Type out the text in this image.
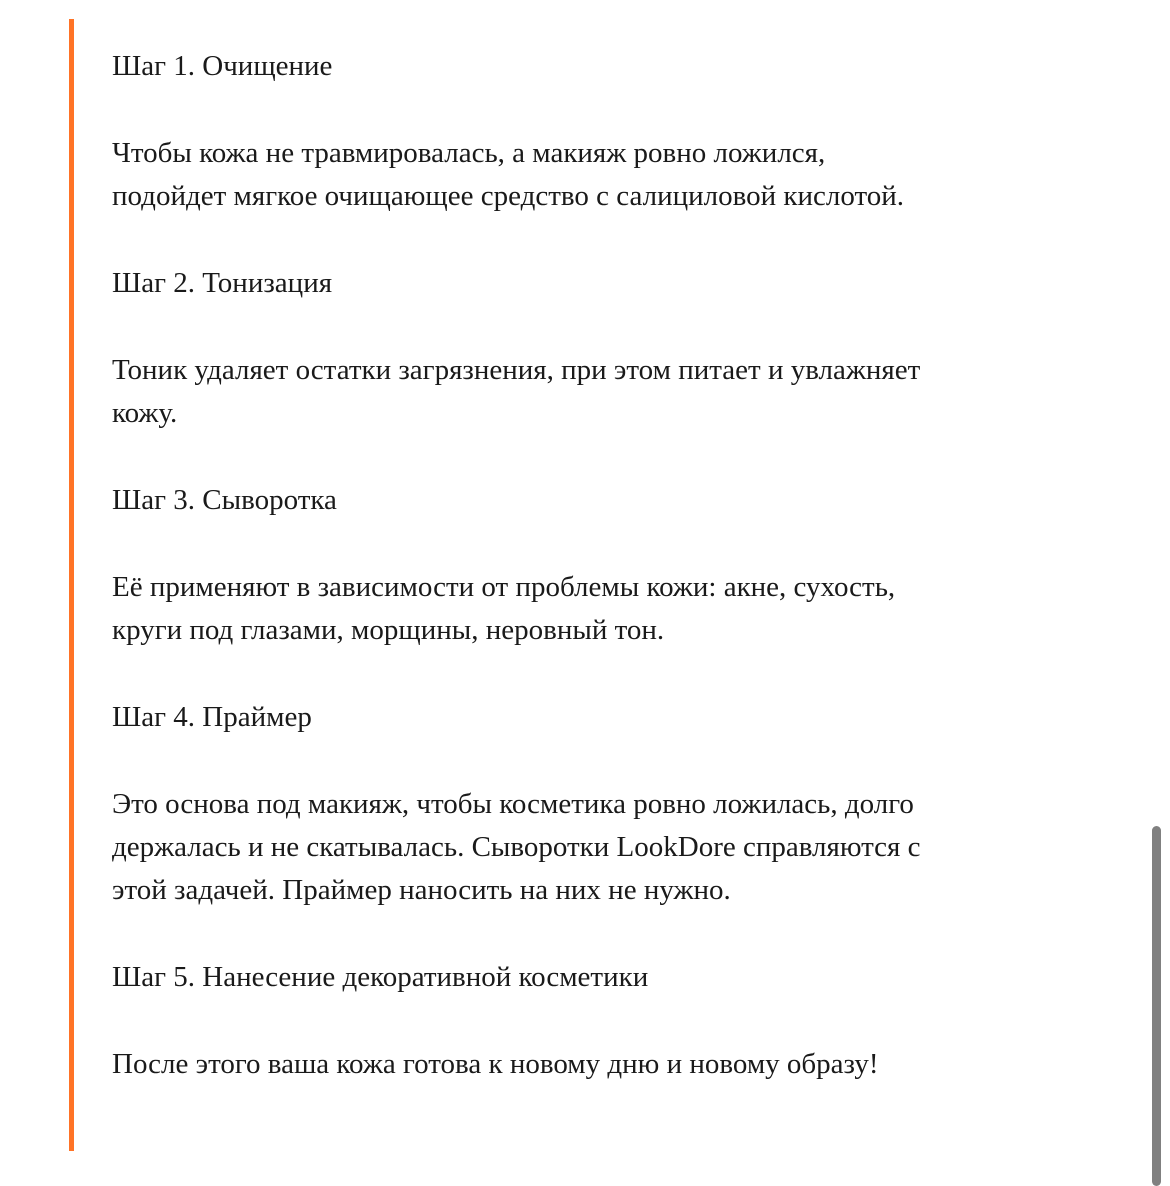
Шаг 1. Очищение

Чтобы кожа не травмировалась, а макияж ровно ложился,
подойдет мягкое очищающее средство с салициловой кислотой.

Шаг 2. Тонизация

Тоник удаляет остатки загрязнения, при этом питает и увлажняет
кожу.

Шаг 3. Сыворотка

Её применяют в зависимости от проблемы кожи: акне, сухость,
круги под глазами, морщины, неровный тон.

Шаг 4. Праймер

Это основа под макияж, чтобы косметика ровно ложилась, долго
держалась и не скатывалась. Сыворотки LookDore справляются с
этой задачей. Праймер наносить на них не нужно.

Шаг 5. Нанесение декоративной косметики

После этого ваша кожа готова к новому дню и новому образу!
